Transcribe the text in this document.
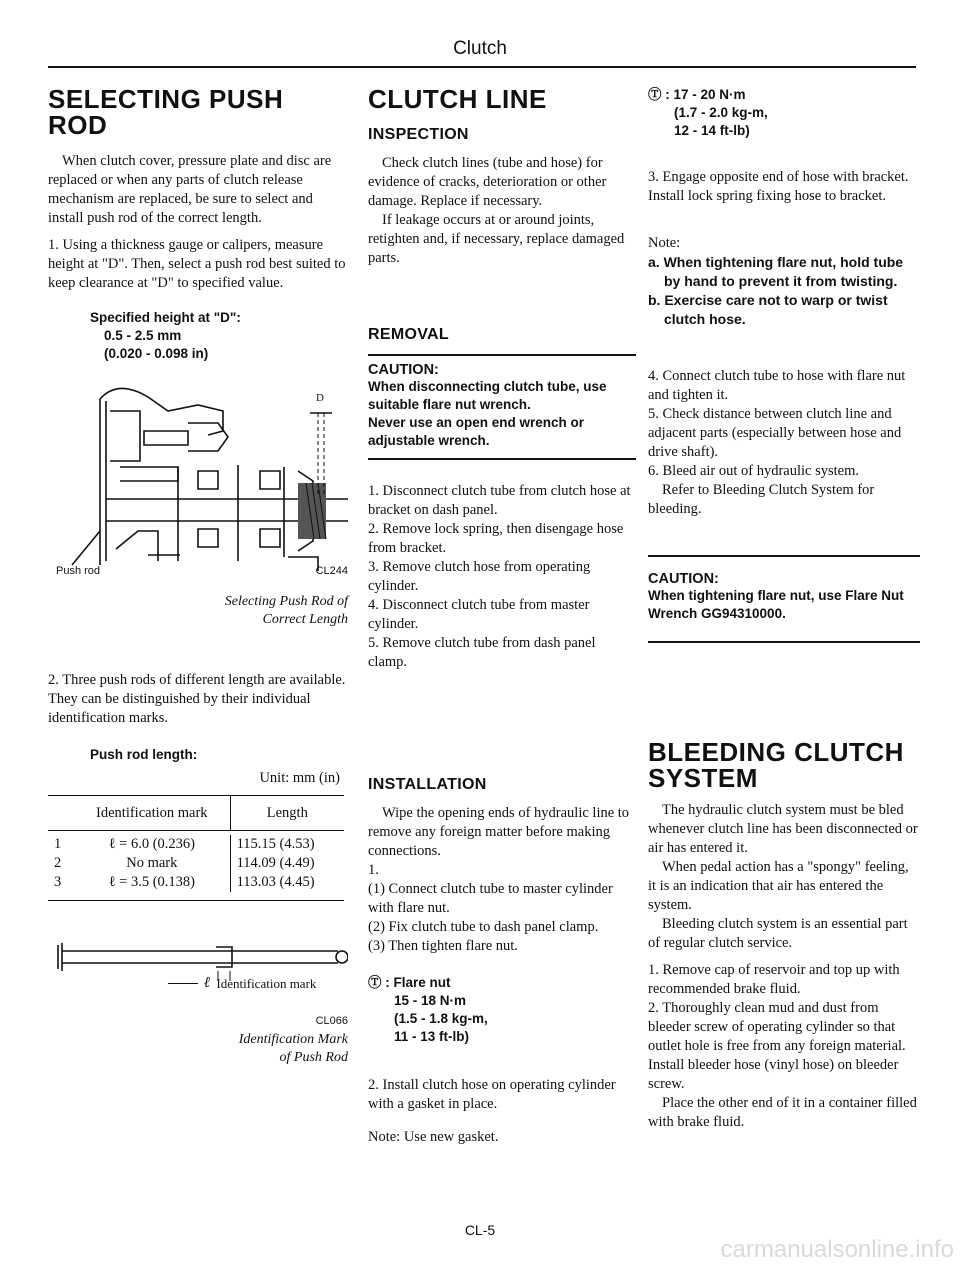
Clutch
SELECTING PUSH ROD

When clutch cover, pressure plate and disc are replaced or when any parts of clutch release mechanism are replaced, be sure to select and install push rod of the correct length.

1. Using a thickness gauge or calipers, measure height at "D". Then, select a push rod best suited to keep clearance at "D" to specified value.

Specified height at "D":
0.5 - 2.5 mm
(0.020 - 0.098 in)
D
Push rod	CL244
Selecting Push Rod of
Correct Length

2. Three push rods of different length are available. They can be distinguished by their individual identification marks.

Push rod length:
Unit: mm (in)
	Identification mark	Length

1	ℓ = 6.0 (0.236)	115.15 (4.53)
2	No mark	114.09 (4.49)
3	ℓ = 3.5 (0.138)	113.03 (4.45)
ℓ Identification mark
CL066
Identification Mark
of Push Rod
CLUTCH LINE
INSPECTION

Check clutch lines (tube and hose) for evidence of cracks, deterioration or other damage. Replace if necessary.

If leakage occurs at or around joints, retighten and, if necessary, replace damaged parts.

REMOVAL
CAUTION:
When disconnecting clutch tube, use suitable flare nut wrench.
Never use an open end wrench or adjustable wrench.

1. Disconnect clutch tube from clutch hose at bracket on dash panel.

2. Remove lock spring, then disengage hose from bracket.

3. Remove clutch hose from operating cylinder.

4. Disconnect clutch tube from master cylinder.

5. Remove clutch tube from dash panel clamp.

INSTALLATION

Wipe the opening ends of hydraulic line to remove any foreign matter before making connections.

1.

(1) Connect clutch tube to master cylinder with flare nut.

(2) Fix clutch tube to dash panel clamp.

(3) Then tighten flare nut.

Ⓣ : Flare nut
15 - 18 N·m
(1.5 - 1.8 kg-m,
11 - 13 ft-lb)

2. Install clutch hose on operating cylinder with a gasket in place.

Note: Use new gasket.

Ⓣ : 17 - 20 N·m
(1.7 - 2.0 kg-m,
12 - 14 ft-lb)

3. Engage opposite end of hose with bracket. Install lock spring fixing hose to bracket.

Note:

a. When tightening flare nut, hold tube by hand to prevent it from twisting.

b. Exercise care not to warp or twist clutch hose.

4. Connect clutch tube to hose with flare nut and tighten it.

5. Check distance between clutch line and adjacent parts (especially between hose and drive shaft).

6. Bleed air out of hydraulic system.

Refer to Bleeding Clutch System for bleeding.

CAUTION:
When tightening flare nut, use Flare Nut Wrench GG94310000.
BLEEDING CLUTCH SYSTEM

The hydraulic clutch system must be bled whenever clutch line has been disconnected or air has entered it.

When pedal action has a "spongy" feeling, it is an indication that air has entered the system.

Bleeding clutch system is an essential part of regular clutch service.

1. Remove cap of reservoir and top up with recommended brake fluid.

2. Thoroughly clean mud and dust from bleeder screw of operating cylinder so that outlet hole is free from any foreign material. Install bleeder hose (vinyl hose) on bleeder screw.

Place the other end of it in a container filled with brake fluid.

CL-5
carmanualsonline.info
